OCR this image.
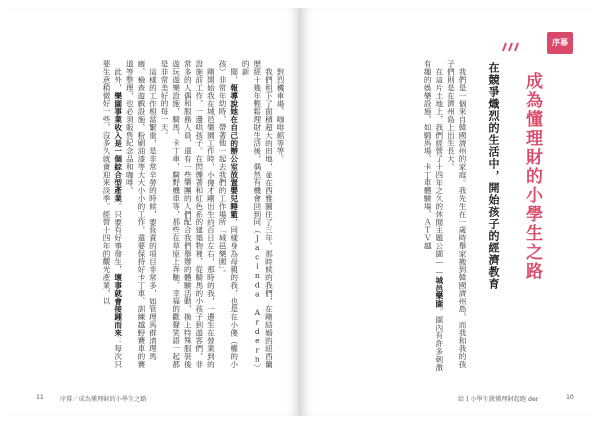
對烈機車場、咖啡館等等。

我們租下了面積超大的田地，並在西雅圖住了三年。那時候的我們，在剛結婚的紐西蘭歷經十幾年輕鬆理財生活後，偶然有機會回到同（Jacinda Ardern）的新

聞，報導說她在自己的辦公室放置嬰兒睡籃，同樣身為母親的我，也是在小傻（權的小孩）非常年幼時，帶著他一起去我們的工作場所「城邑樂園」。

剛開始我在城邑樂園工作時，小傻才剛出生約百日左右，那時的我，一邊生在營業到的設施前工作，一邊哄孩子。在閃爍著和紅色系的建築物裡，從騎馬的小孩子到遊客們，非常多的人偶和服務人員，還有一些樂團的人們配合我們舉辦的體驗活動，換上特殊服裝後遊玩遊樂設施，騎馬、卡丁車、騎野機車等，那些在草原上奔馳、幸福的歡聲笑語一起都是非常美好的每一天。

這樣的工作相當繁重，是非常辛勞的時候，要負責的項目非常多，如管理馬群清理馬廄、檢查遊戲設施、粉刷油漆等大大小小的工作，還要保持好卡丁車、訓練越野賽車的賽道等整理，也必須販售紀念品和咖啡。

此外，樂園事業收入是一個綜合型產業。只要有好事發生，壞事就會接踵而來：每次只要生意稍微好一些，沒多久就會迎來淡季。經營十四年的觀光產業，以

11	序幕／成為懂理財的小學生之路

我們是一個來自韓國濟州的家庭。我先生在一歲時舉家搬到韓國濟州島，而我和我的孩子們則是在濟州島上出生長大。

在這片土地上，我們經營了十四年之久的休閒主題公園——城邑樂園。園內有許多刺激有趣的娛樂設施，如騎馬場、卡丁車體驗場、ＡＴＶ越	在競爭熾烈的生活中，開始孩子的經濟教育 成為懂理財的小學生之路
序幕
10
給Ｉ小學生就懂理財起跑 der
